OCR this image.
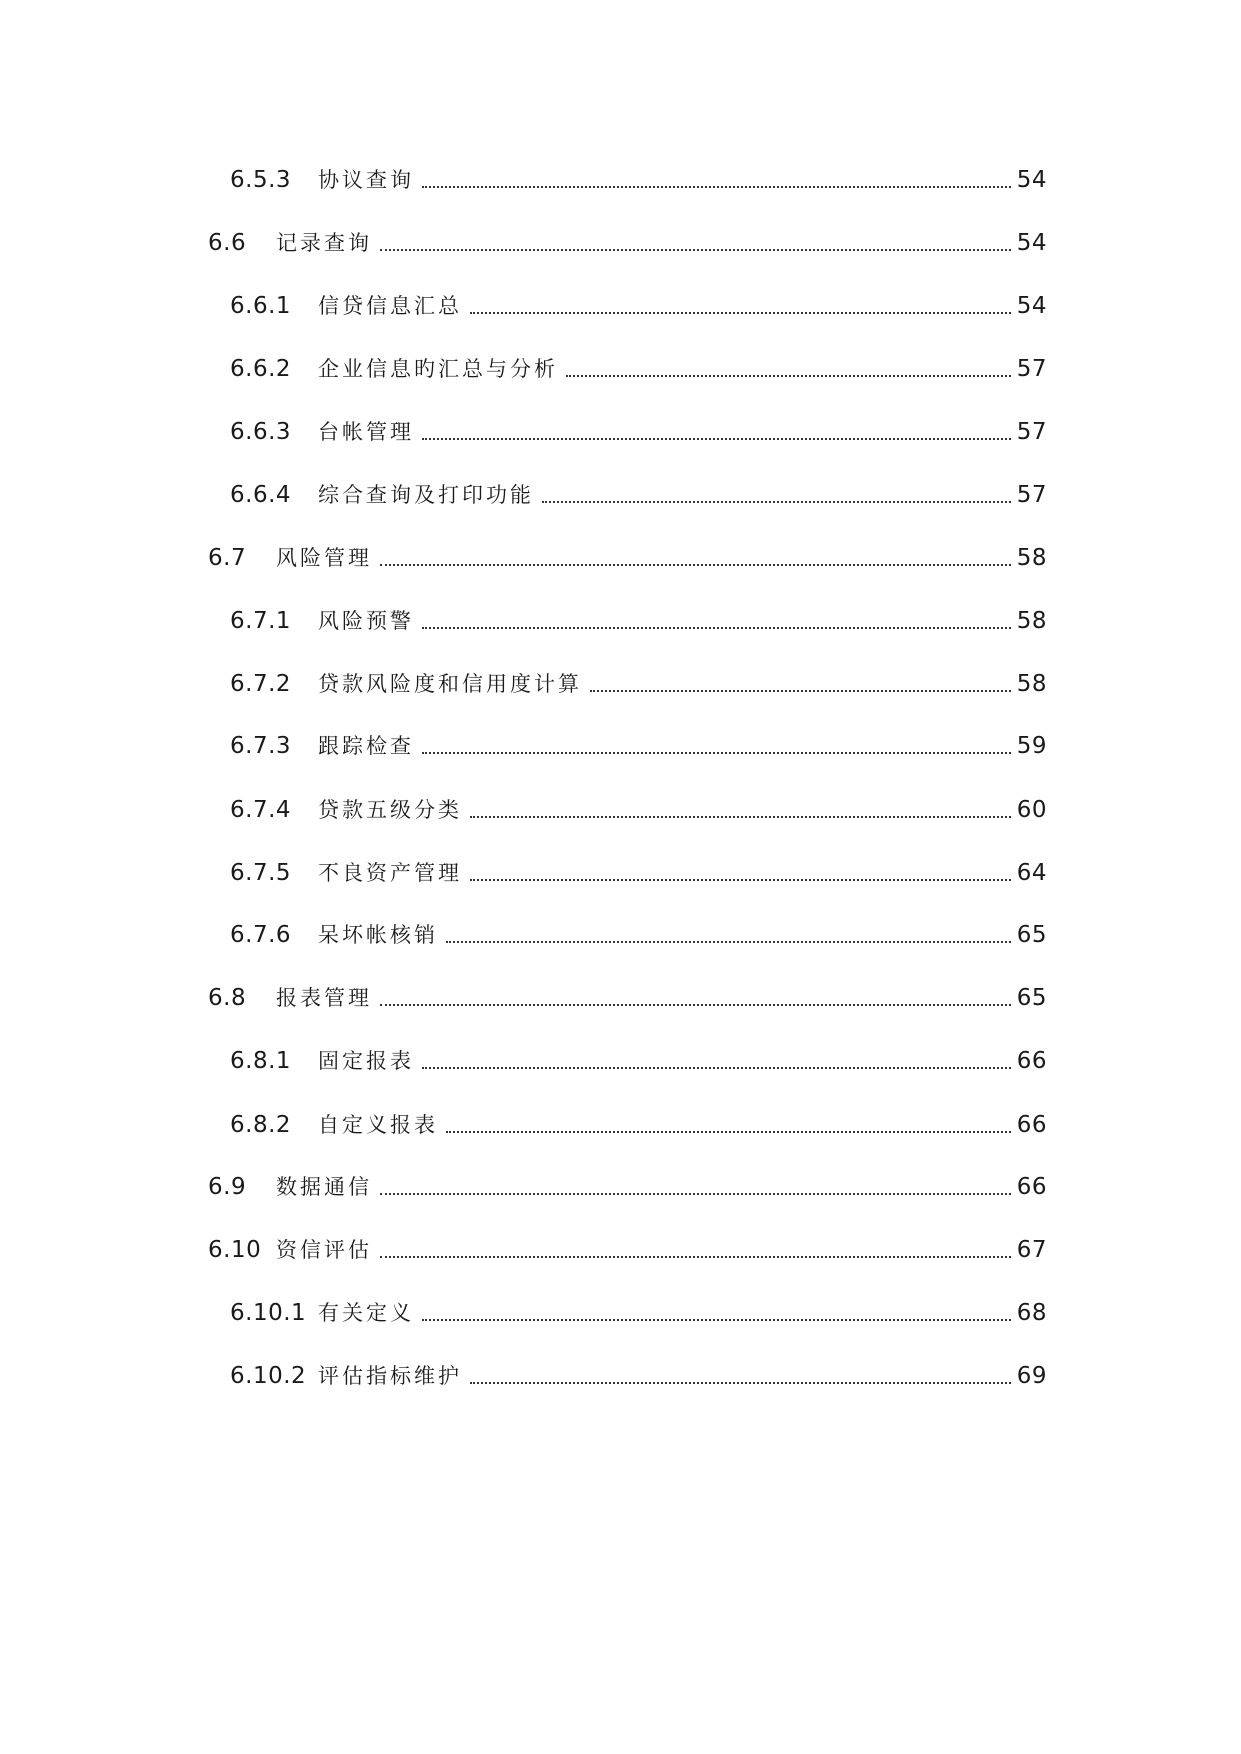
6.5.3	协议查询	54
6.6	记录查询	54
6.6.1	信贷信息汇总	54
6.6.2	企业信息旳汇总与分析	57
6.6.3	台帐管理	57
6.6.4	综合查询及打印功能	57
6.7	风险管理	58
6.7.1	风险预警	58
6.7.2	贷款风险度和信用度计算	58
6.7.3	跟踪检查	59
6.7.4	贷款五级分类	60
6.7.5	不良资产管理	64
6.7.6	呆坏帐核销	65
6.8	报表管理	65
6.8.1	固定报表	66
6.8.2	自定义报表	66
6.9	数据通信	66
6.10 资信评估	67
6.10.1 有关定义	68
6.10.2 评估指标维护	69
